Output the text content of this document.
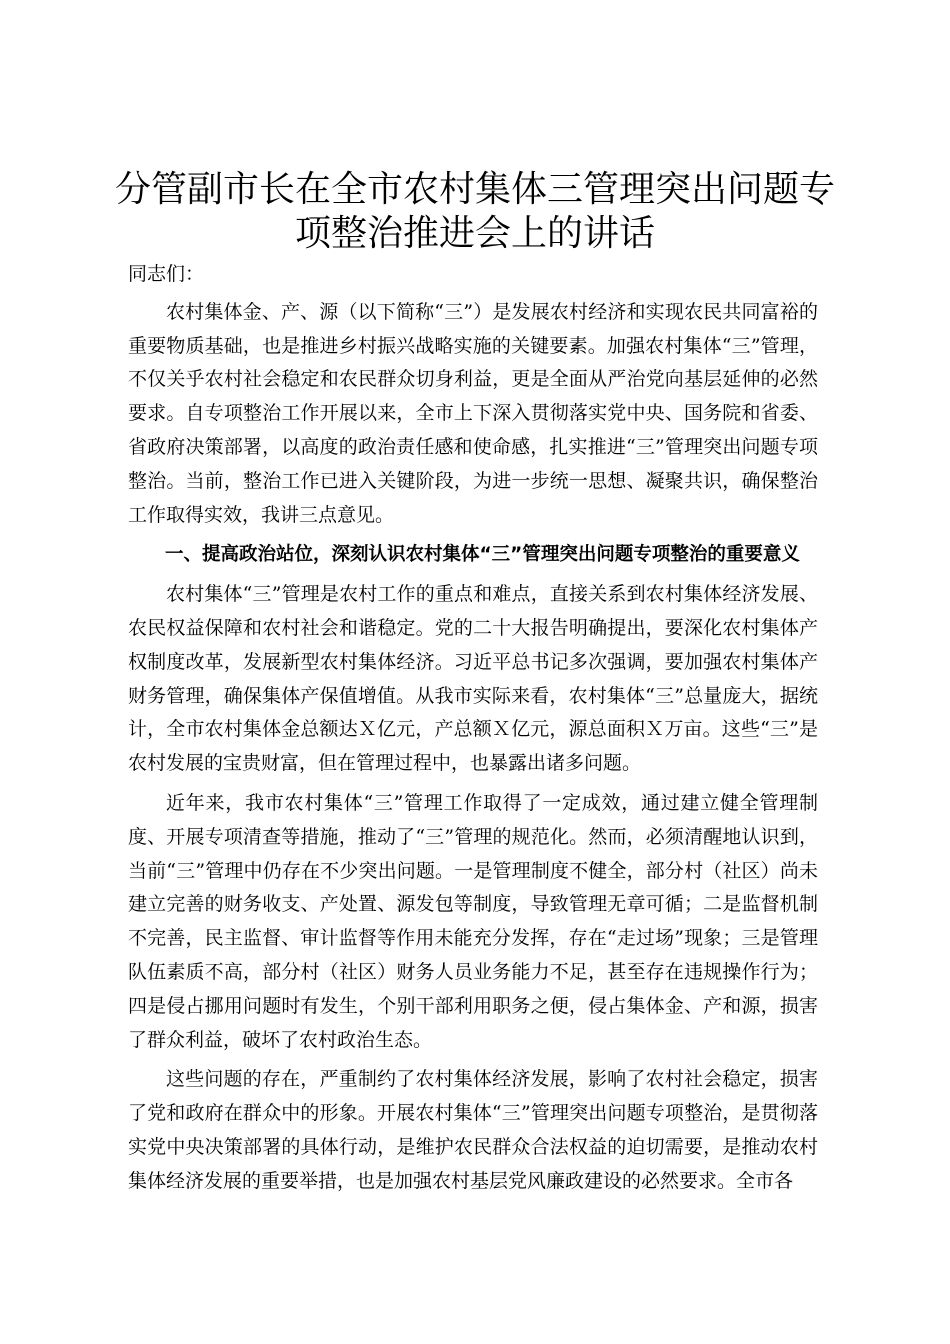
分管副市长在全市农村集体三管理突出问题专项整治推进会上的讲话

同志们：

农村集体金、产、源（以下简称“三”）是发展农村经济和实现农民共同富裕的重要物质基础，也是推进乡村振兴战略实施的关键要素。加强农村集体“三”管理，不仅关乎农村社会稳定和农民群众切身利益，更是全面从严治党向基层延伸的必然要求。自专项整治工作开展以来，全市上下深入贯彻落实党中央、国务院和省委、省政府决策部署，以高度的政治责任感和使命感，扎实推进“三”管理突出问题专项整治。当前，整治工作已进入关键阶段，为进一步统一思想、凝聚共识，确保整治工作取得实效，我讲三点意见。

一、提高政治站位，深刻认识农村集体“三”管理突出问题专项整治的重要意义

农村集体“三”管理是农村工作的重点和难点，直接关系到农村集体经济发展、农民权益保障和农村社会和谐稳定。党的二十大报告明确提出，要深化农村集体产权制度改革，发展新型农村集体经济。习近平总书记多次强调，要加强农村集体产财务管理，确保集体产保值增值。从我市实际来看，农村集体“三”总量庞大，据统计，全市农村集体金总额达Ｘ亿元，产总额Ｘ亿元，源总面积Ｘ万亩。这些“三”是农村发展的宝贵财富，但在管理过程中，也暴露出诸多问题。

近年来，我市农村集体“三”管理工作取得了一定成效，通过建立健全管理制度、开展专项清查等措施，推动了“三”管理的规范化。然而，必须清醒地认识到，当前“三”管理中仍存在不少突出问题。一是管理制度不健全，部分村（社区）尚未建立完善的财务收支、产处置、源发包等制度，导致管理无章可循；二是监督机制不完善，民主监督、审计监督等作用未能充分发挥，存在“走过场”现象；三是管理队伍素质不高，部分村（社区）财务人员业务能力不足，甚至存在违规操作行为；四是侵占挪用问题时有发生，个别干部利用职务之便，侵占集体金、产和源，损害了群众利益，破坏了农村政治生态。

这些问题的存在，严重制约了农村集体经济发展，影响了农村社会稳定，损害了党和政府在群众中的形象。开展农村集体“三”管理突出问题专项整治，是贯彻落实党中央决策部署的具体行动，是维护农民群众合法权益的迫切需要，是推动农村集体经济发展的重要举措，也是加强农村基层党风廉政建设的必然要求。全市各
